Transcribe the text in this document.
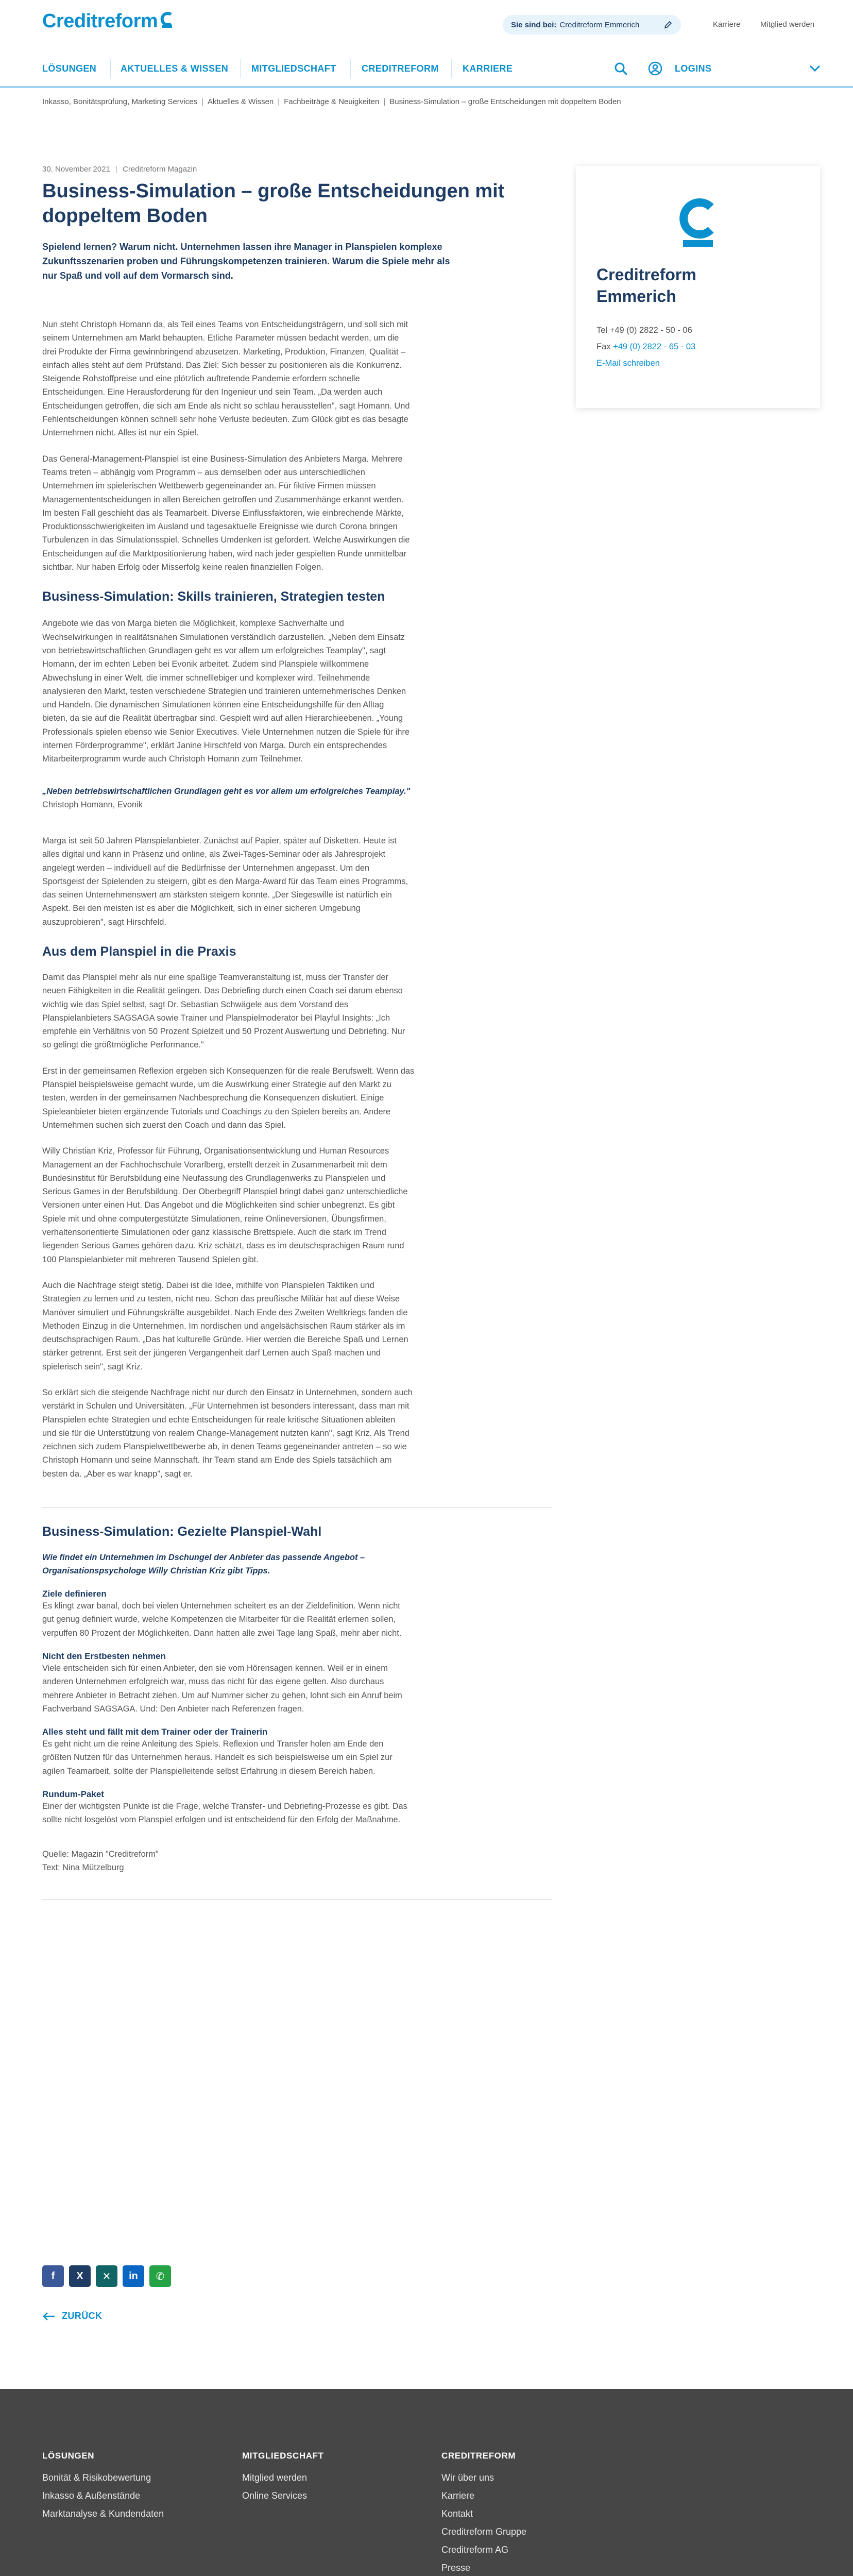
Creditreform	Sie sind bei: Creditreform Emmerich	Karriere	Mitglied werden
LÖSUNGEN	AKTUELLES & WISSEN MITGLIEDSCHAFT	CREDITREFORM	KARRIERE	LOGINS
Inkasso, Bonitätsprüfung, Marketing Services | Aktuelles & Wissen | Fachbeiträge & Neuigkeiten | Business-Simulation – große Entscheidungen mit doppeltem Boden
30. November 2021 | Creditreform Magazin
Business-Simulation – große Entscheidungen mit
doppeltem Boden
Spielend lernen? Warum nicht. Unternehmen lassen ihre Manager in Planspielen komplexe
Zukunftsszenarien proben und Führungskompetenzen trainieren. Warum die Spiele mehr als
nur Spaß und voll auf dem Vormarsch sind.
Nun steht Christoph Homann da, als Teil eines Teams von Entscheidungsträgern, und soll sich mit
seinem Unternehmen am Markt behaupten. Etliche Parameter müssen bedacht werden, um die
drei Produkte der Firma gewinnbringend abzusetzen. Marketing, Produktion, Finanzen, Qualität –
einfach alles steht auf dem Prüfstand. Das Ziel: Sich besser zu positionieren als die Konkurrenz.
Steigende Rohstoffpreise und eine plötzlich auftretende Pandemie erfordern schnelle
Entscheidungen. Eine Herausforderung für den Ingenieur und sein Team. „Da werden auch
Entscheidungen getroffen, die sich am Ende als nicht so schlau herausstellen", sagt Homann. Und
Fehlentscheidungen können schnell sehr hohe Verluste bedeuten. Zum Glück gibt es das besagte
Unternehmen nicht. Alles ist nur ein Spiel.
Das General-Management-Planspiel ist eine Business-Simulation des Anbieters Marga. Mehrere
Teams treten – abhängig vom Programm – aus demselben oder aus unterschiedlichen
Unternehmen im spielerischen Wettbewerb gegeneinander an. Für fiktive Firmen müssen
Managemententscheidungen in allen Bereichen getroffen und Zusammenhänge erkannt werden.
Im besten Fall geschieht das als Teamarbeit. Diverse Einflussfaktoren, wie einbrechende Märkte,
Produktionsschwierigkeiten im Ausland und tagesaktuelle Ereignisse wie durch Corona bringen
Turbulenzen in das Simulationsspiel. Schnelles Umdenken ist gefordert. Welche Auswirkungen die
Entscheidungen auf die Marktpositionierung haben, wird nach jeder gespielten Runde unmittelbar
sichtbar. Nur haben Erfolg oder Misserfolg keine realen finanziellen Folgen.
Business-Simulation: Skills trainieren, Strategien testen
Angebote wie das von Marga bieten die Möglichkeit, komplexe Sachverhalte und
Wechselwirkungen in realitätsnahen Simulationen verständlich darzustellen. „Neben dem Einsatz
von betriebswirtschaftlichen Grundlagen geht es vor allem um erfolgreiches Teamplay", sagt
Homann, der im echten Leben bei Evonik arbeitet. Zudem sind Planspiele willkommene
Abwechslung in einer Welt, die immer schnelllebiger und komplexer wird. Teilnehmende
analysieren den Markt, testen verschiedene Strategien und trainieren unternehmerisches Denken
und Handeln. Die dynamischen Simulationen können eine Entscheidungshilfe für den Alltag
bieten, da sie auf die Realität übertragbar sind. Gespielt wird auf allen Hierarchieebenen. „Young
Professionals spielen ebenso wie Senior Executives. Viele Unternehmen nutzen die Spiele für ihre
internen Förderprogramme", erklärt Janine Hirschfeld von Marga. Durch ein entsprechendes
Mitarbeiterprogramm wurde auch Christoph Homann zum Teilnehmer.
„Neben betriebswirtschaftlichen Grundlagen geht es vor allem um erfolgreiches Teamplay."
Christoph Homann, Evonik
Marga ist seit 50 Jahren Planspielanbieter. Zunächst auf Papier, später auf Disketten. Heute ist
alles digital und kann in Präsenz und online, als Zwei-Tages-Seminar oder als Jahresprojekt
angelegt werden – individuell auf die Bedürfnisse der Unternehmen angepasst. Um den
Sportsgeist der Spielenden zu steigern, gibt es den Marga-Award für das Team eines Programms,
das seinen Unternehmenswert am stärksten steigern konnte. „Der Siegeswille ist natürlich ein
Aspekt. Bei den meisten ist es aber die Möglichkeit, sich in einer sicheren Umgebung
auszuprobieren", sagt Hirschfeld.
Aus dem Planspiel in die Praxis
Damit das Planspiel mehr als nur eine spaßige Teamveranstaltung ist, muss der Transfer der
neuen Fähigkeiten in die Realität gelingen. Das Debriefing durch einen Coach sei darum ebenso
wichtig wie das Spiel selbst, sagt Dr. Sebastian Schwägele aus dem Vorstand des
Planspielanbieters SAGSAGA sowie Trainer und Planspielmoderator bei Playful Insights: „Ich
empfehle ein Verhältnis von 50 Prozent Spielzeit und 50 Prozent Auswertung und Debriefing. Nur
so gelingt die größtmögliche Performance."
Erst in der gemeinsamen Reflexion ergeben sich Konsequenzen für die reale Berufswelt. Wenn das
Planspiel beispielsweise gemacht wurde, um die Auswirkung einer Strategie auf den Markt zu
testen, werden in der gemeinsamen Nachbesprechung die Konsequenzen diskutiert. Einige
Spieleanbieter bieten ergänzende Tutorials und Coachings zu den Spielen bereits an. Andere
Unternehmen suchen sich zuerst den Coach und dann das Spiel.
Willy Christian Kriz, Professor für Führung, Organisationsentwicklung und Human Resources
Management an der Fachhochschule Vorarlberg, erstellt derzeit in Zusammenarbeit mit dem
Bundesinstitut für Berufsbildung eine Neufassung des Grundlagenwerks zu Planspielen und
Serious Games in der Berufsbildung. Der Oberbegriff Planspiel bringt dabei ganz unterschiedliche
Versionen unter einen Hut. Das Angebot und die Möglichkeiten sind schier unbegrenzt. Es gibt
Spiele mit und ohne computergestützte Simulationen, reine Onlineversionen, Übungsfirmen,
verhaltensorientierte Simulationen oder ganz klassische Brettspiele. Auch die stark im Trend
liegenden Serious Games gehören dazu. Kriz schätzt, dass es im deutschsprachigen Raum rund
100 Planspielanbieter mit mehreren Tausend Spielen gibt.
Auch die Nachfrage steigt stetig. Dabei ist die Idee, mithilfe von Planspielen Taktiken und
Strategien zu lernen und zu testen, nicht neu. Schon das preußische Militär hat auf diese Weise
Manöver simuliert und Führungskräfte ausgebildet. Nach Ende des Zweiten Weltkriegs fanden die
Methoden Einzug in die Unternehmen. Im nordischen und angelsächsischen Raum stärker als im
deutschsprachigen Raum. „Das hat kulturelle Gründe. Hier werden die Bereiche Spaß und Lernen
stärker getrennt. Erst seit der jüngeren Vergangenheit darf Lernen auch Spaß machen und
spielerisch sein", sagt Kriz.
So erklärt sich die steigende Nachfrage nicht nur durch den Einsatz in Unternehmen, sondern auch
verstärkt in Schulen und Universitäten. „Für Unternehmen ist besonders interessant, dass man mit
Planspielen echte Strategien und echte Entscheidungen für reale kritische Situationen ableiten
und sie für die Unterstützung von realem Change-Management nutzten kann", sagt Kriz. Als Trend
zeichnen sich zudem Planspielwettbewerbe ab, in denen Teams gegeneinander antreten – so wie
Christoph Homann und seine Mannschaft. Ihr Team stand am Ende des Spiels tatsächlich am
besten da. „Aber es war knapp", sagt er.
Business-Simulation: Gezielte Planspiel-Wahl
Wie findet ein Unternehmen im Dschungel der Anbieter das passende Angebot –
Organisationspsychologe Willy Christian Kriz gibt Tipps.
Ziele definieren
Es klingt zwar banal, doch bei vielen Unternehmen scheitert es an der Zieldefinition. Wenn nicht
gut genug definiert wurde, welche Kompetenzen die Mitarbeiter für die Realität erlernen sollen,
verpuffen 80 Prozent der Möglichkeiten. Dann hatten alle zwei Tage lang Spaß, mehr aber nicht.
Nicht den Erstbesten nehmen
Viele entscheiden sich für einen Anbieter, den sie vom Hörensagen kennen. Weil er in einem
anderen Unternehmen erfolgreich war, muss das nicht für das eigene gelten. Also durchaus
mehrere Anbieter in Betracht ziehen. Um auf Nummer sicher zu gehen, lohnt sich ein Anruf beim
Fachverband SAGSAGA. Und: Den Anbieter nach Referenzen fragen.
Alles steht und fällt mit dem Trainer oder der Trainerin
Es geht nicht um die reine Anleitung des Spiels. Reflexion und Transfer holen am Ende den
größten Nutzen für das Unternehmen heraus. Handelt es sich beispielsweise um ein Spiel zur
agilen Teamarbeit, sollte der Planspielleitende selbst Erfahrung in diesem Bereich haben.
Rundum-Paket
Einer der wichtigsten Punkte ist die Frage, welche Transfer- und Debriefing-Prozesse es gibt. Das
sollte nicht losgelöst vom Planspiel erfolgen und ist entscheidend für den Erfolg der Maßnahme.
Quelle: Magazin "Creditreform"
Text: Nina Mützelburg
Creditreform
Emmerich
Tel +49 (0) 2822 - 50 - 06
Fax +49 (0) 2822 - 65 - 03
E-Mail schreiben
f	X	✕	in	✆
ZURÜCK
LÖSUNGEN
Bonität & Risikobewertung
Inkasso & Außenstände
Marktanalyse & Kundendaten
MITGLIEDSCHAFT
Mitglied werden
Online Services
CREDITREFORM
Wir über uns
Karriere
Kontakt
Creditreform Gruppe
Creditreform AG
Presse
